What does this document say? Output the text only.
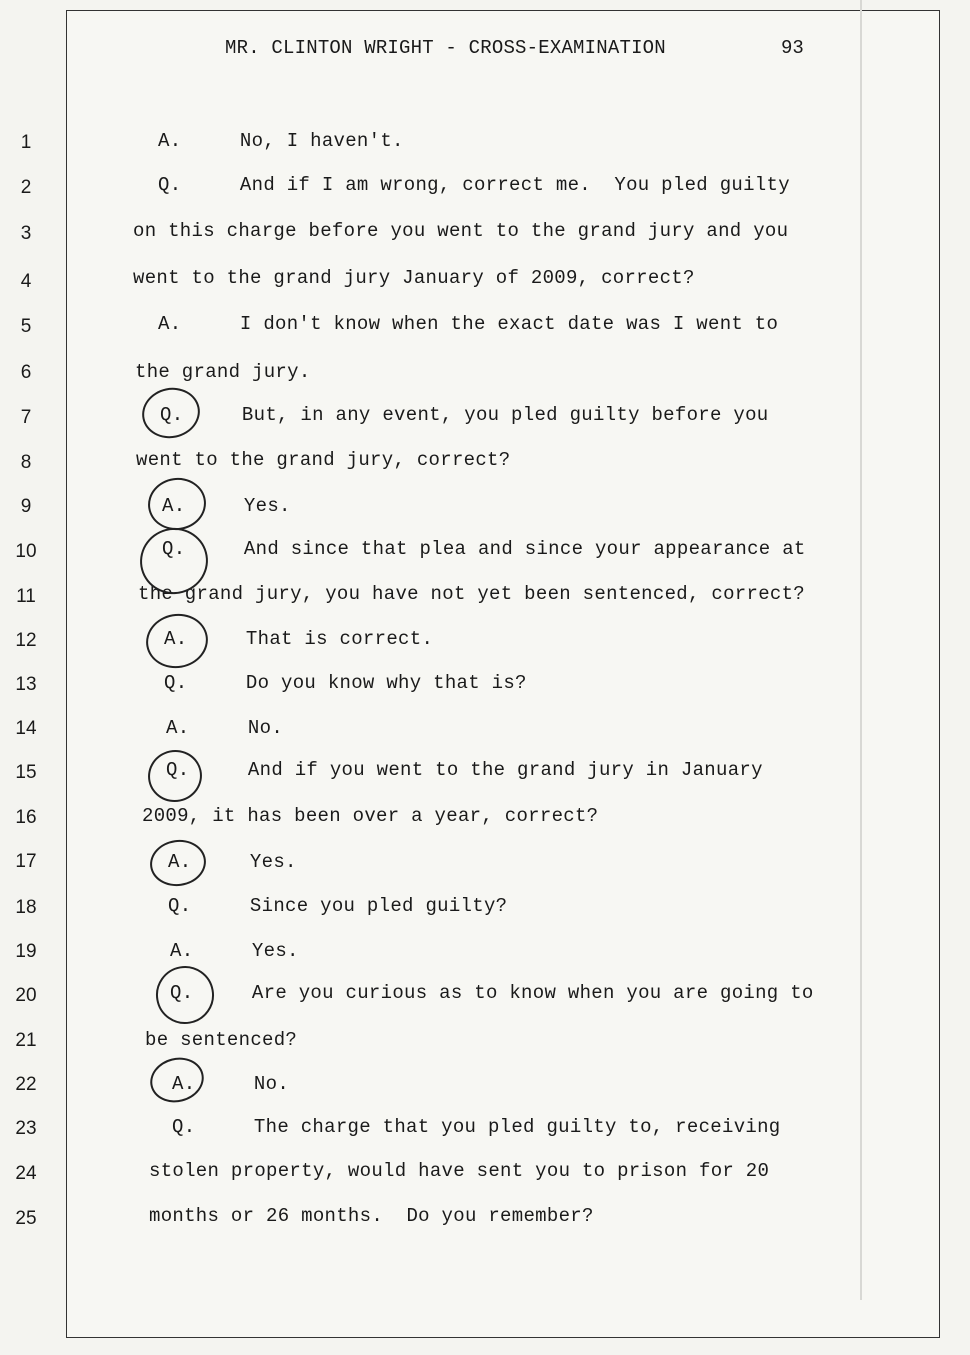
MR. CLINTON WRIGHT - CROSS-EXAMINATION	93
1
2
3
4
5
6
7
8
9
10
11
12
13
14
15
16
17
18
19
20
21
22
23
24
25
A.     No, I haven't.
Q.     And if I am wrong, correct me.  You pled guilty
on this charge before you went to the grand jury and you
went to the grand jury January of 2009, correct?
A.     I don't know when the exact date was I went to
the grand jury.
Q.     But, in any event, you pled guilty before you
went to the grand jury, correct?
A.     Yes.
Q.     And since that plea and since your appearance at
the grand jury, you have not yet been sentenced, correct?
A.     That is correct.
Q.     Do you know why that is?
A.     No.
Q.     And if you went to the grand jury in January
2009, it has been over a year, correct?
A.     Yes.
Q.     Since you pled guilty?
A.     Yes.
Q.     Are you curious as to know when you are going to
be sentenced?
A.     No.
Q.     The charge that you pled guilty to, receiving
stolen property, would have sent you to prison for 20
months or 26 months.  Do you remember?
